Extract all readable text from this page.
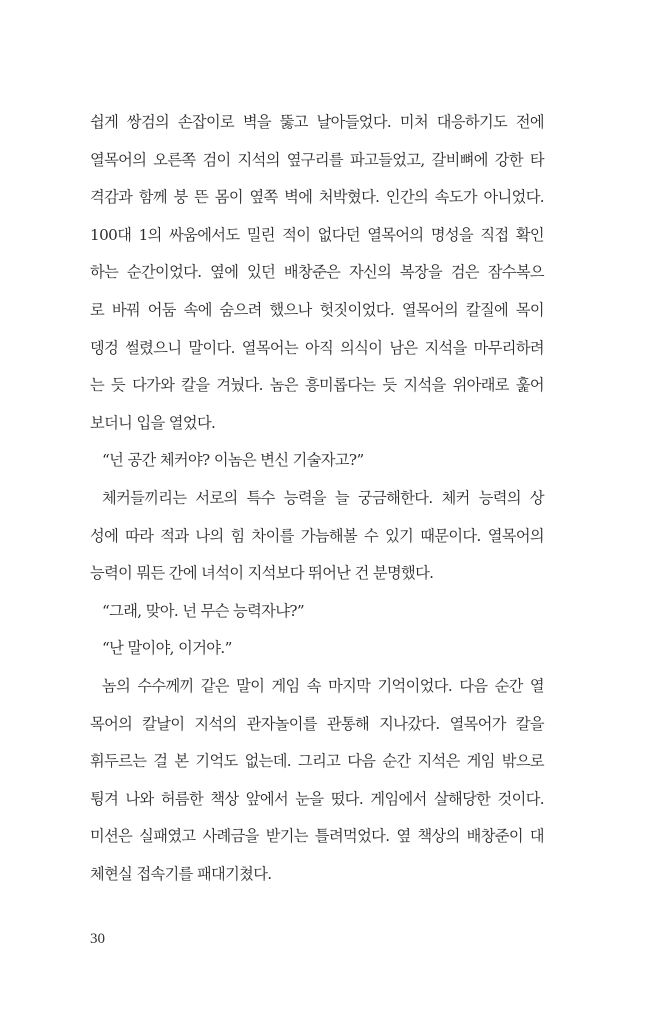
쉽게 쌍검의 손잡이로 벽을 뚫고 날아들었다. 미처 대응하기도 전에
열목어의 오른쪽 검이 지석의 옆구리를 파고들었고, 갈비뼈에 강한 타
격감과 함께 붕 뜬 몸이 옆쪽 벽에 처박혔다. 인간의 속도가 아니었다.
100대 1의 싸움에서도 밀린 적이 없다던 열목어의 명성을 직접 확인
하는 순간이었다. 옆에 있던 배창준은 자신의 복장을 검은 잠수복으
로 바꿔 어둠 속에 숨으려 했으나 헛짓이었다. 열목어의 칼질에 목이
뎅겅 썰렸으니 말이다. 열목어는 아직 의식이 남은 지석을 마무리하려
는 듯 다가와 칼을 겨눴다. 놈은 흥미롭다는 듯 지석을 위아래로 훑어
보더니 입을 열었다.
“넌 공간 체커야? 이놈은 변신 기술자고?”
체커들끼리는 서로의 특수 능력을 늘 궁금해한다. 체커 능력의 상
성에 따라 적과 나의 힘 차이를 가늠해볼 수 있기 때문이다. 열목어의
능력이 뭐든 간에 녀석이 지석보다 뛰어난 건 분명했다.
“그래, 맞아. 넌 무슨 능력자냐?”
“난 말이야, 이거야.”
놈의 수수께끼 같은 말이 게임 속 마지막 기억이었다. 다음 순간 열
목어의 칼날이 지석의 관자놀이를 관통해 지나갔다. 열목어가 칼을
휘두르는 걸 본 기억도 없는데. 그리고 다음 순간 지석은 게임 밖으로
튕겨 나와 허름한 책상 앞에서 눈을 떴다. 게임에서 살해당한 것이다.
미션은 실패였고 사례금을 받기는 틀려먹었다. 옆 책상의 배창준이 대
체현실 접속기를 패대기쳤다.
30
